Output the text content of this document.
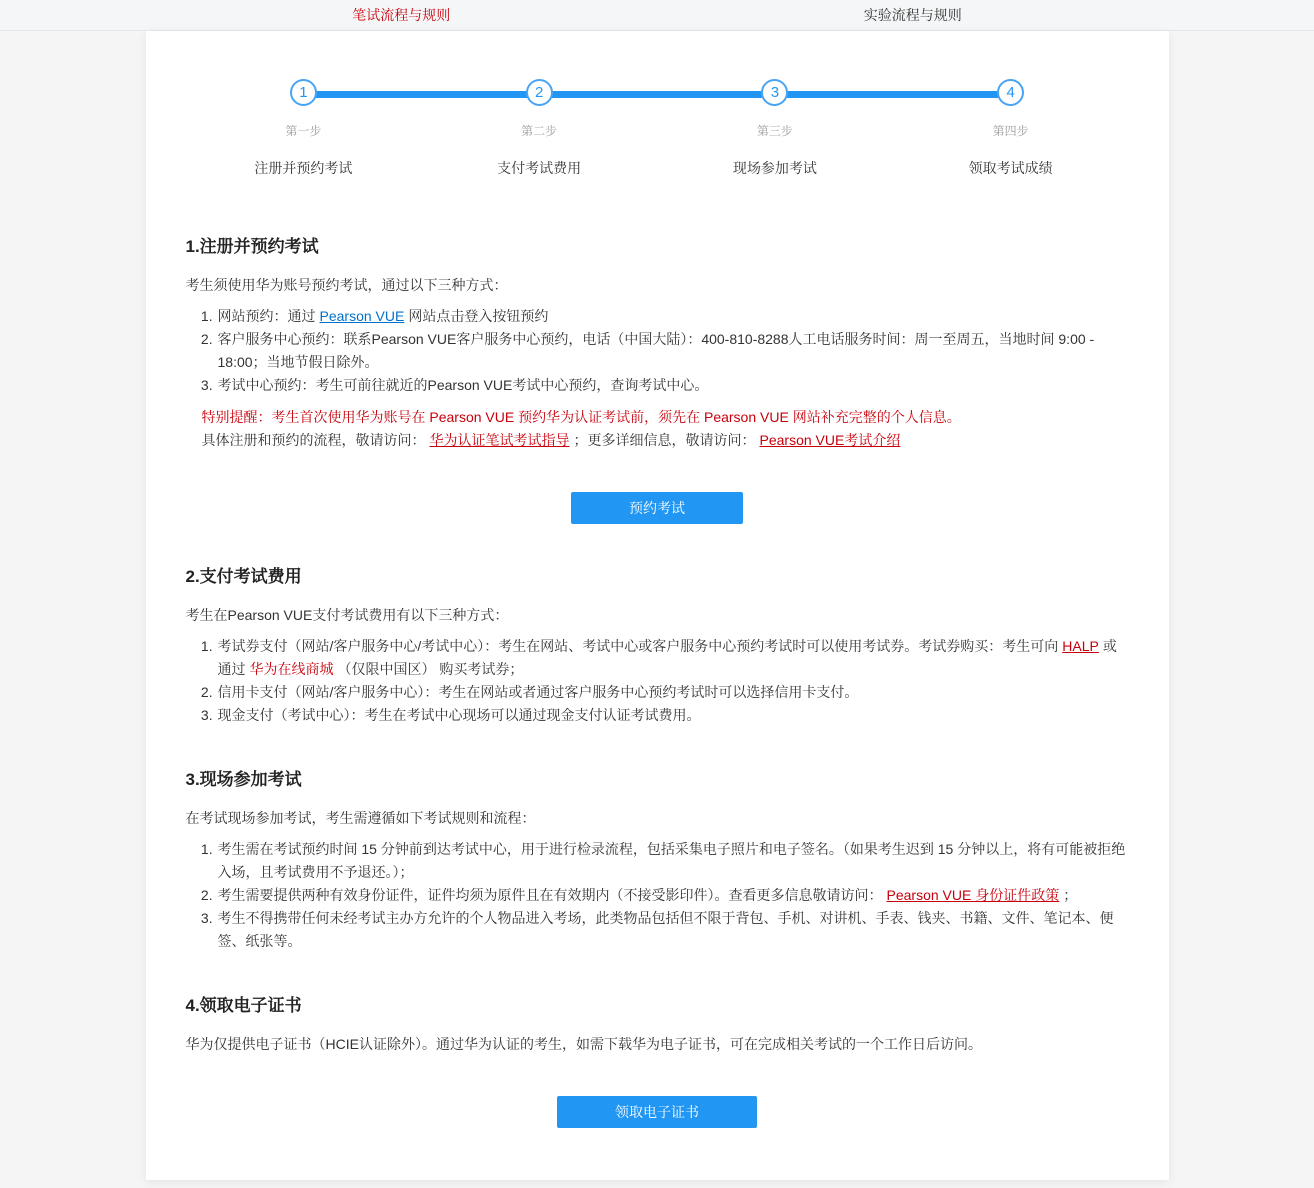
笔试流程与规则	实验流程与规则
1
第一步
注册并预约考试
2
第二步
支付考试费用
3
第三步
现场参加考试
4
第四步
领取考试成绩
1.注册并预约考试

考生须使用华为账号预约考试，通过以下三种方式：

1. 网站预约：通过 Pearson VUE 网站点击登入按钮预约
2. 客户服务中心预约：联系Pearson VUE客户服务中心预约，电话（中国大陆）：400-810-8288人工电话服务时间：周一至周五，当地时间 9:00 - 18:00；当地节假日除外。
3. 考试中心预约：考生可前往就近的Pearson VUE考试中心预约，查询考试中心。
特别提醒：考生首次使用华为账号在 Pearson VUE 预约华为认证考试前，须先在 Pearson VUE 网站补充完整的个人信息。
具体注册和预约的流程，敬请访问： 华为认证笔试考试指导 ；更多详细信息，敬请访问： Pearson VUE考试介绍
预约考试
2.支付考试费用

考生在Pearson VUE支付考试费用有以下三种方式：

1. 考试券支付（网站/客户服务中心/考试中心）：考生在网站、考试中心或客户服务中心预约考试时可以使用考试券。考试券购买：考生可向 HALP 或通过 华为在线商城 （仅限中国区） 购买考试券；
2. 信用卡支付（网站/客户服务中心）：考生在网站或者通过客户服务中心预约考试时可以选择信用卡支付。
3. 现金支付（考试中心）：考生在考试中心现场可以通过现金支付认证考试费用。
3.现场参加考试

在考试现场参加考试，考生需遵循如下考试规则和流程：

1. 考生需在考试预约时间 15 分钟前到达考试中心，用于进行检录流程，包括采集电子照片和电子签名。（如果考生迟到 15 分钟以上，将有可能被拒绝入场，且考试费用不予退还。）；
2. 考生需要提供两种有效身份证件，证件均须为原件且在有效期内（不接受影印件）。查看更多信息敬请访问： Pearson VUE 身份证件政策 ；
3. 考生不得携带任何未经考试主办方允许的个人物品进入考场，此类物品包括但不限于背包、手机、对讲机、手表、钱夹、书籍、文件、笔记本、便签、纸张等。
4.领取电子证书

华为仅提供电子证书（HCIE认证除外）。通过华为认证的考生，如需下载华为电子证书，可在完成相关考试的一个工作日后访问。

领取电子证书
